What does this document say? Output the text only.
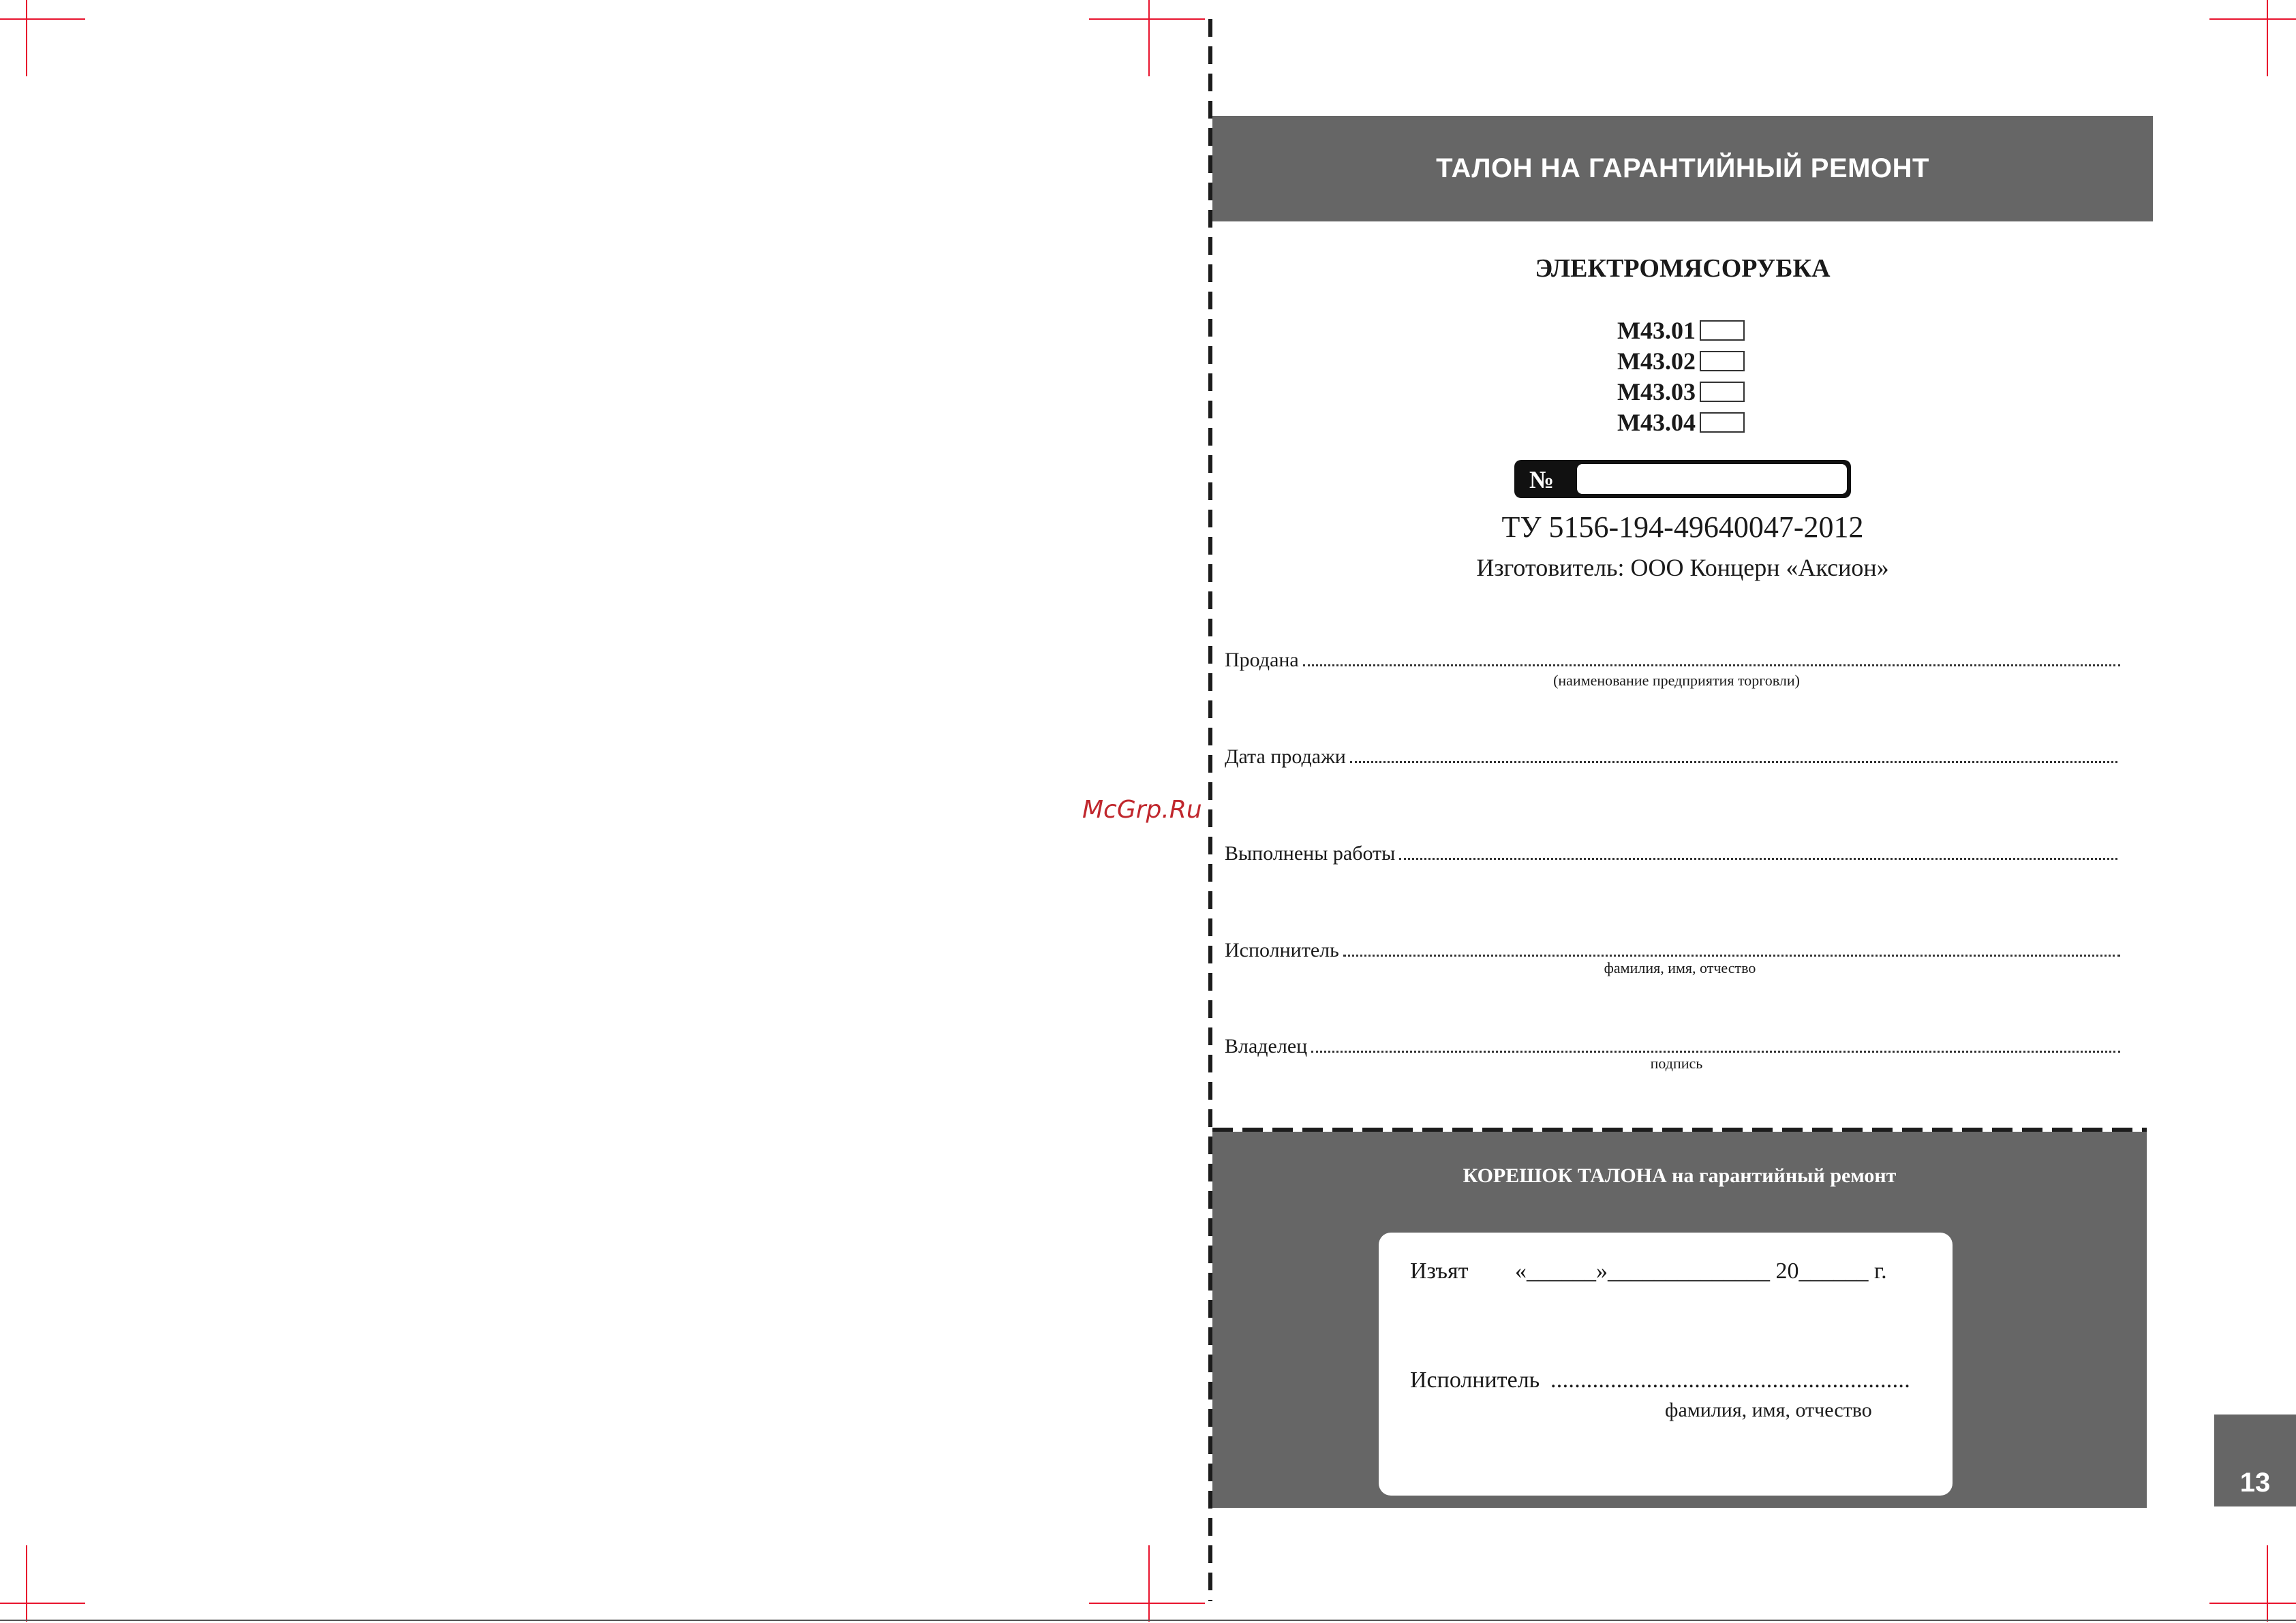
ТАЛОН НА ГАРАНТИЙНЫЙ РЕМОНТ
ЭЛЕКТРОМЯСОРУБКА
М43.01
М43.02
М43.03
М43.04
№
ТУ 5156-194-49640047-2012
Изготовитель: ООО Концерн «Аксион»
Продана
(наименование предприятия торговли)
Дата продажи
Выполнены работы
Исполнитель
фамилия, имя, отчество
Владелец
подпись
McGrp.Ru
КОРЕШОК ТАЛОНА на гарантийный ремонт
Изъят «______»______________ 20______ г.
Исполнитель ............................................................
фамилия, имя, отчество
13
